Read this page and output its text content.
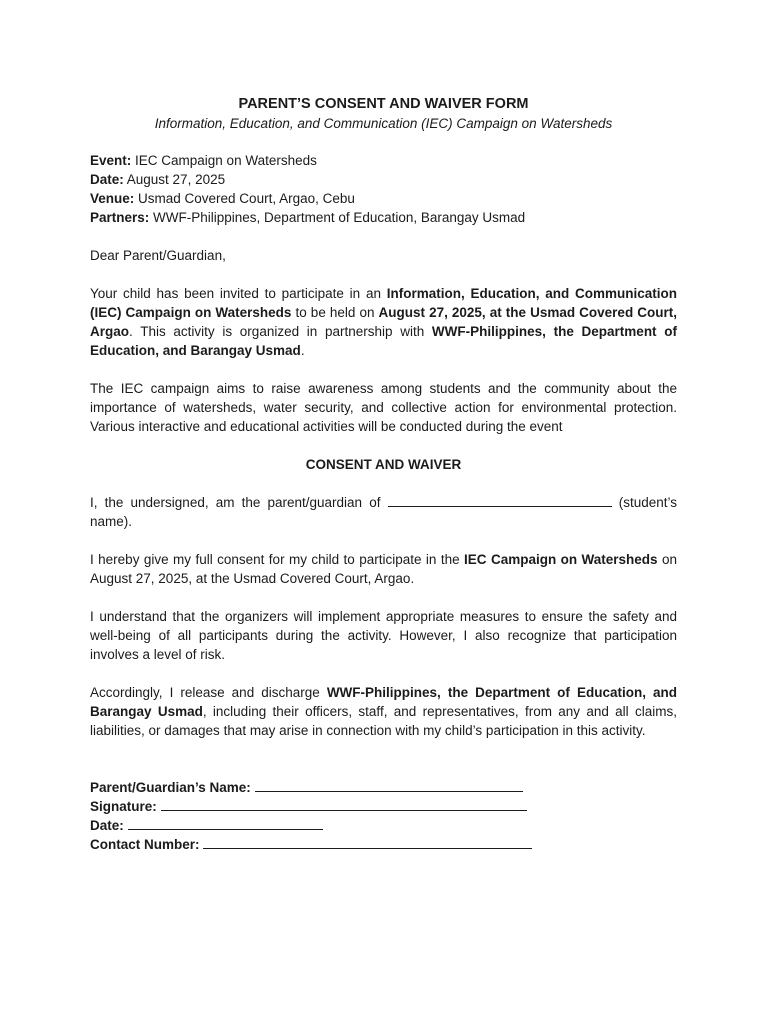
PARENT’S CONSENT AND WAIVER FORM
Information, Education, and Communication (IEC) Campaign on Watersheds

Event: IEC Campaign on Watersheds

Date: August 27, 2025

Venue: Usmad Covered Court, Argao, Cebu

Partners: WWF-Philippines, Department of Education, Barangay Usmad

Dear Parent/Guardian,

Your child has been invited to participate in an Information, Education, and Communication (IEC) Campaign on Watersheds to be held on August 27, 2025, at the Usmad Covered Court, Argao. This activity is organized in partnership with WWF-Philippines, the Department of Education, and Barangay Usmad.

The IEC campaign aims to raise awareness among students and the community about the importance of watersheds, water security, and collective action for environmental protection. Various interactive and educational activities will be conducted during the event

CONSENT AND WAIVER

I, the undersigned, am the parent/guardian of	(student’s name).

I hereby give my full consent for my child to participate in the IEC Campaign on Watersheds on August 27, 2025, at the Usmad Covered Court, Argao.

I understand that the organizers will implement appropriate measures to ensure the safety and well-being of all participants during the activity. However, I also recognize that participation involves a level of risk.

Accordingly, I release and discharge WWF-Philippines, the Department of Education, and Barangay Usmad, including their officers, staff, and representatives, from any and all claims, liabilities, or damages that may arise in connection with my child’s participation in this activity.

Parent/Guardian’s Name:

Signature:

Date:

Contact Number:
